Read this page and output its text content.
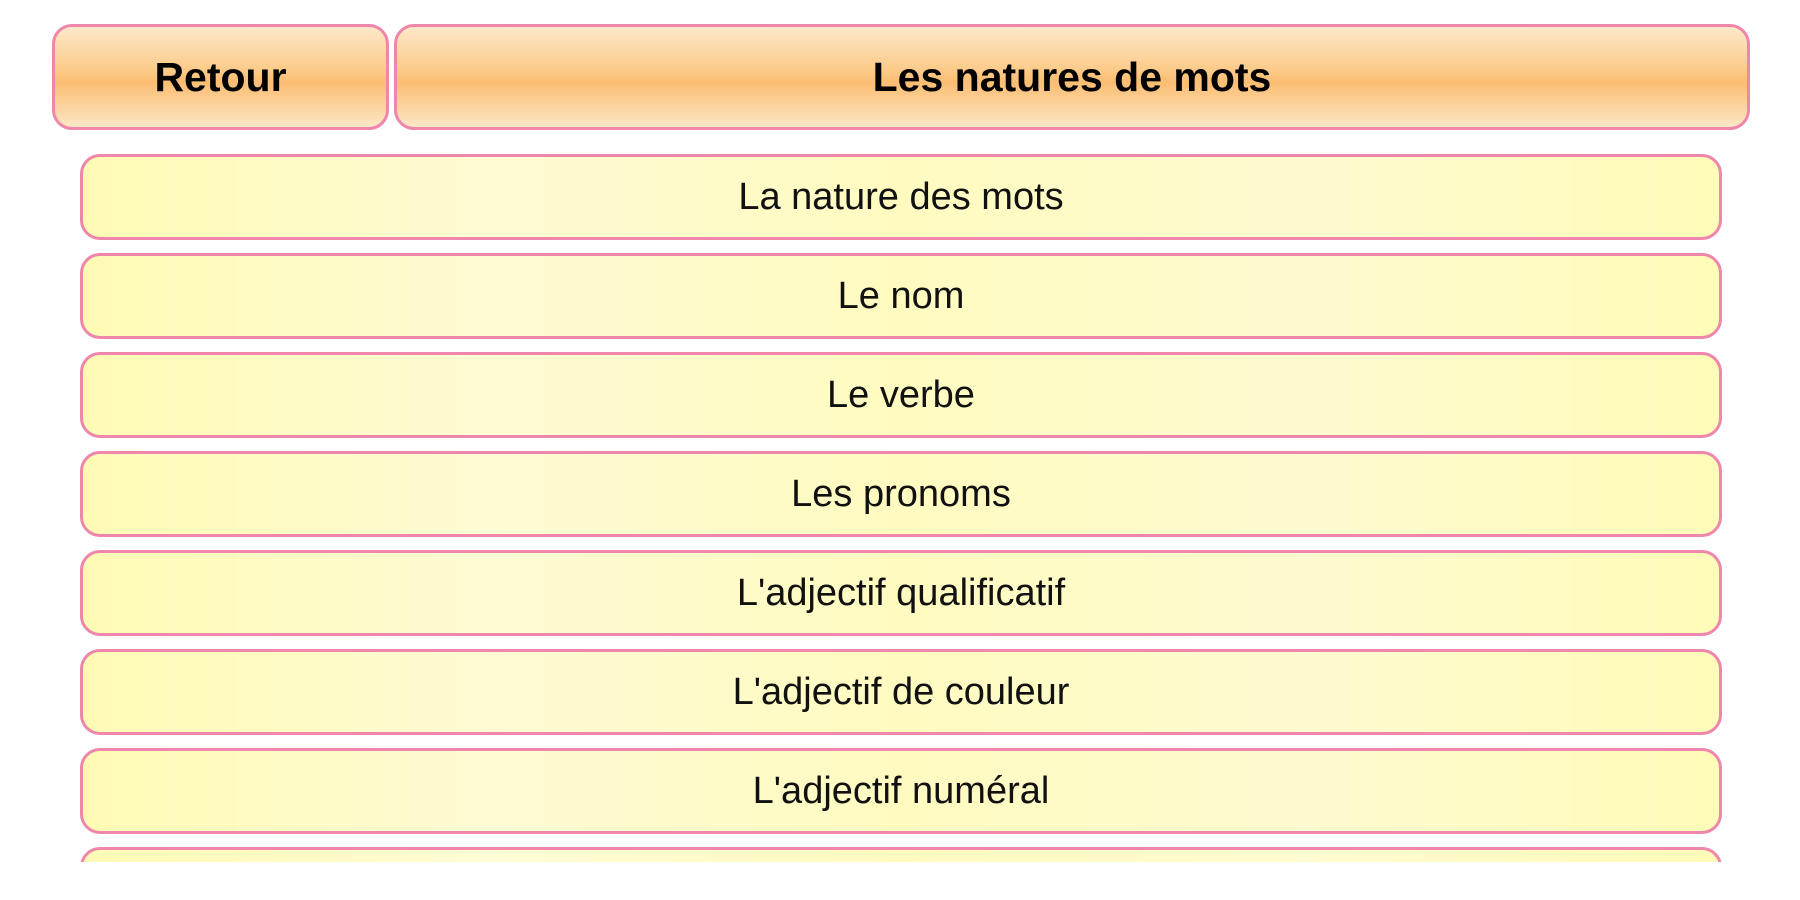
Retour	Les natures de mots
La nature des mots
Le nom
Le verbe
Les pronoms
L'adjectif qualificatif
L'adjectif de couleur
L'adjectif numéral
